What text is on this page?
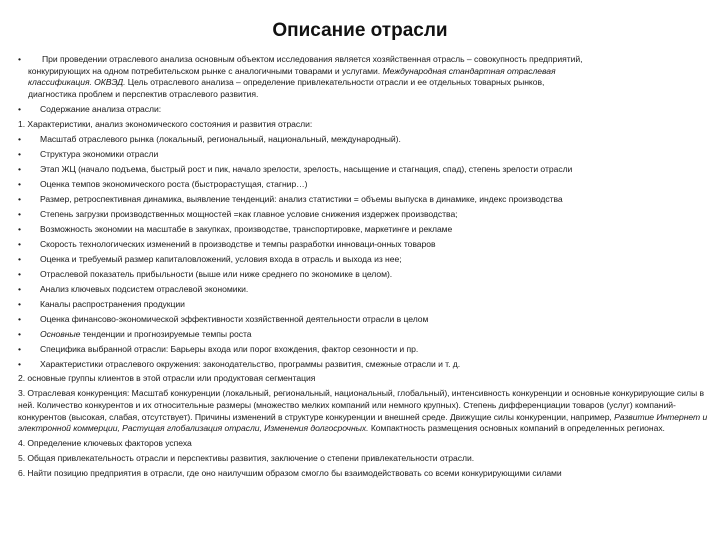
Описание отрасли
•	При проведении отраслевого анализа основным объектом исследования является хозяйственная отрасль – совокупность предприятий,
конкурирующих на одном потребительском рынке с аналогичными товарами и услугами. Международная стандартная отраслевая
классификация. ОКВЭД. Цель отраслевого анализа – определение привлекательности отрасли и ее отдельных товарных рынков,
диагностика проблем и перспектив отраслевого развития.
• Содержание анализа отрасли:
1. Характеристики, анализ экономического состояния и развития отрасли:
• Масштаб отраслевого рынка (локальный, региональный, национальный, международный).
• Структура экономики отрасли
• Этап ЖЦ (начало подъема, быстрый рост и пик, начало зрелости, зрелость, насыщение и стагнация, спад), степень зрелости отрасли
• Оценка темпов экономического роста (быстрорастущая, стагнир…)
• Размер, ретроспективная динамика, выявление тенденций: анализ статистики = объемы выпуска в динамике, индекс производства
• Степень загрузки производственных мощностей =как главное условие снижения издержек производства;
• Возможность экономии на масштабе в закупках, производстве, транспортировке, маркетинге и рекламе
• Скорость технологических изменений в производстве и темпы разработки инноваци-онных товаров
• Оценка и требуемый размер капиталовложений, условия входа в отрасль и выхода из нее;
• Отраслевой показатель прибыльности (выше или ниже среднего по экономике в целом).
• Анализ ключевых подсистем отраслевой экономики.
• Каналы распространения продукции
• Оценка финансово-экономической эффективности хозяйственной деятельности отрасли в целом
• Основные тенденции и прогнозируемые темпы роста
• Специфика выбранной отрасли: Барьеры входа или порог вхождения, фактор сезонности и пр.
• Характеристики отраслевого окружения: законодательство, программы развития, смежные отрасли и т. д.
2. основные группы клиентов в этой отрасли или продуктовая сегментация
3. Отраслевая конкуренция: Масштаб конкуренции (локальный, региональный, национальный, глобальный), интенсивность конкуренции и основные конкурирующие силы в ней. Количество конкурентов и их относительные размеры (множество мелких компаний или немного крупных). Степень дифференциации товаров (услуг) компаний-конкурентов (высокая, слабая, отсутствует). Причины изменений в структуре конкуренции и внешней среде. Движущие силы конкуренции, например, Развитие Интернет и электронной коммерции, Растущая глобализация отрасли, Изменения долгосрочных. Компактность размещения основных компаний в определенных регионах.
4. Определение ключевых факторов успеха
5. Общая привлекательность отрасли и перспективы развития, заключение о степени привлекательности отрасли.
6. Найти позицию предприятия в отрасли, где оно наилучшим образом смогло бы взаимодействовать со всеми конкурирующими силами
